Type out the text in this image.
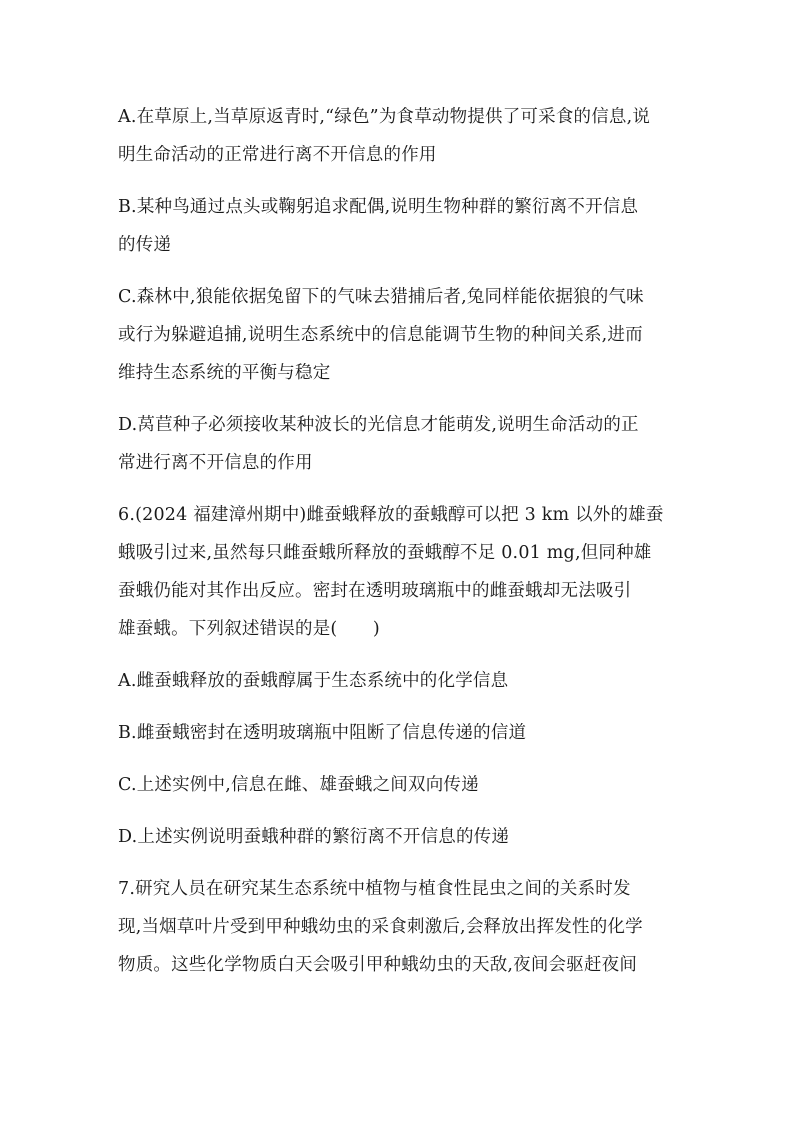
A.在草原上,当草原返青时,“绿色”为食草动物提供了可采食的信息,说
明生命活动的正常进行离不开信息的作用

B.某种鸟通过点头或鞠躬追求配偶,说明生物种群的繁衍离不开信息
的传递

C.森林中,狼能依据兔留下的气味去猎捕后者,兔同样能依据狼的气味
或行为躲避追捕,说明生态系统中的信息能调节生物的种间关系,进而
维持生态系统的平衡与稳定

D.莴苣种子必须接收某种波长的光信息才能萌发,说明生命活动的正
常进行离不开信息的作用

6.(2024 福建漳州期中)雌蚕蛾释放的蚕蛾醇可以把 3 km 以外的雄蚕
蛾吸引过来,虽然每只雌蚕蛾所释放的蚕蛾醇不足 0.01 mg,但同种雄
蚕蛾仍能对其作出反应。密封在透明玻璃瓶中的雌蚕蛾却无法吸引
雄蚕蛾。下列叙述错误的是(　　)

A.雌蚕蛾释放的蚕蛾醇属于生态系统中的化学信息

B.雌蚕蛾密封在透明玻璃瓶中阻断了信息传递的信道

C.上述实例中,信息在雌、雄蚕蛾之间双向传递

D.上述实例说明蚕蛾种群的繁衍离不开信息的传递

7.研究人员在研究某生态系统中植物与植食性昆虫之间的关系时发
现,当烟草叶片受到甲种蛾幼虫的采食刺激后,会释放出挥发性的化学
物质。这些化学物质白天会吸引甲种蛾幼虫的天敌,夜间会驱赶夜间
